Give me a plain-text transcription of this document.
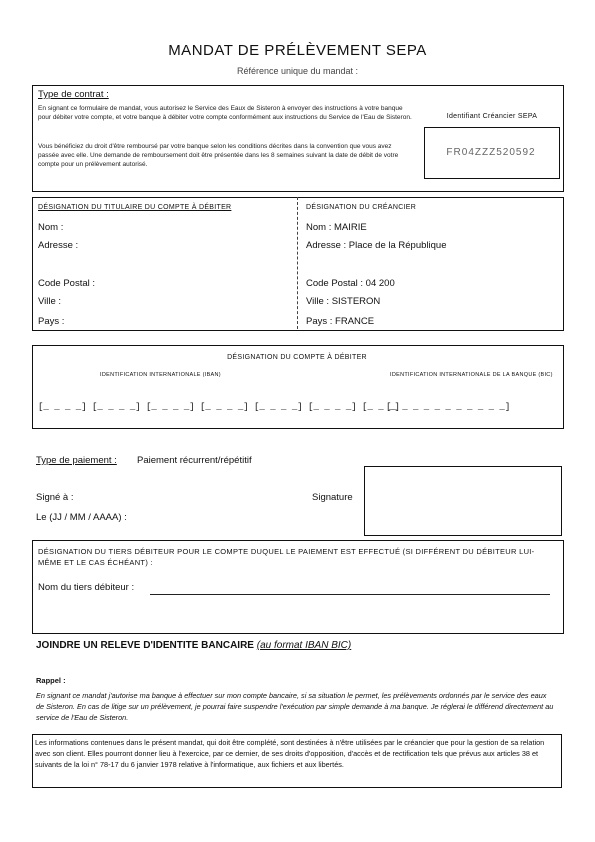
MANDAT DE PRÉLÈVEMENT SEPA
Référence unique du mandat :
Type de contrat :
En signant ce formulaire de mandat, vous autorisez le Service des Eaux de Sisteron à envoyer des instructions à votre banque pour débiter votre compte, et votre banque à débiter votre compte conformément aux instructions du Service de l'Eau de Sisteron.
Vous bénéficiez du droit d'être remboursé par votre banque selon les conditions décrites dans la convention que vous avez passée avec elle. Une demande de remboursement doit être présentée dans les 8 semaines suivant la date de débit de votre compte pour un prélèvement autorisé.
Identifiant Créancier SEPA
FR04ZZZ520592
DÉSIGNATION DU TITULAIRE DU COMPTE À DÉBITER
Nom :
Adresse :
Code Postal :
Ville :
Pays :
DÉSIGNATION DU CRÉANCIER
Nom : MAIRIE
Adresse : Place de la République
Code Postal : 04 200
Ville : SISTERON
Pays : FRANCE
DÉSIGNATION DU COMPTE À DÉBITER
IDENTIFICATION INTERNATIONALE (IBAN)	IDENTIFICATION INTERNATIONALE DE LA BANQUE (BIC)
[_ _ _ _] [_ _ _ _] [_ _ _ _] [_ _ _ _] [_ _ _ _] [_ _ _ _] [_ _ _]
[_ _ _ _ _ _ _ _ _ _ _]
Type de paiement : Paiement récurrent/répétitif
Signé à :
Le (JJ / MM / AAAA) :
Signature
DÉSIGNATION DU TIERS DÉBITEUR POUR LE COMPTE DUQUEL LE PAIEMENT EST EFFECTUÉ (SI DIFFÉRENT DU DÉBITEUR LUI-MÊME ET LE CAS ÉCHÉANT) :
Nom du tiers débiteur :
JOINDRE UN RELEVE D'IDENTITE BANCAIRE (au format IBAN BIC)
Rappel :
En signant ce mandat j'autorise ma banque à effectuer sur mon compte bancaire, si sa situation le permet, les prélèvements ordonnés par le service des eaux de Sisteron. En cas de litige sur un prélèvement, je pourrai faire suspendre l'exécution par simple demande à ma banque. Je réglerai le différend directement au service de l'Eau de Sisteron.
Les informations contenues dans le présent mandat, qui doit être complété, sont destinées à n'être utilisées par le créancier que pour la gestion de sa relation avec son client. Elles pourront donner lieu à l'exercice, par ce dernier, de ses droits d'opposition, d'accès et de rectification tels que prévus aux articles 38 et suivants de la loi n° 78-17 du 6 janvier 1978 relative à l'informatique, aux fichiers et aux libertés.
